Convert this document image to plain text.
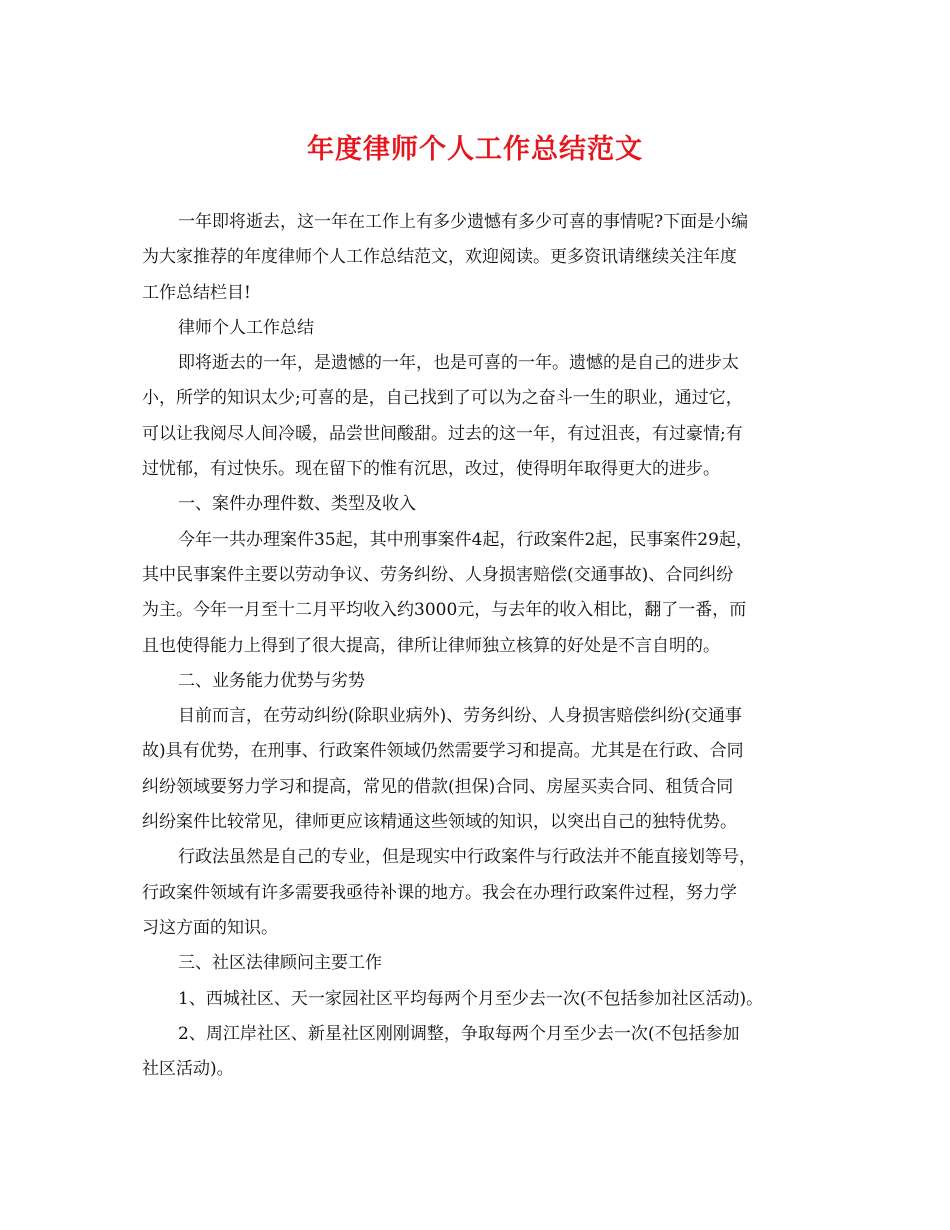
年度律师个人工作总结范文
一年即将逝去，这一年在工作上有多少遗憾有多少可喜的事情呢?下面是小编
为大家推荐的年度律师个人工作总结范文，欢迎阅读。更多资讯请继续关注年度
工作总结栏目!
律师个人工作总结
即将逝去的一年，是遗憾的一年，也是可喜的一年。遗憾的是自己的进步太
小，所学的知识太少;可喜的是，自己找到了可以为之奋斗一生的职业，通过它，
可以让我阅尽人间冷暖，品尝世间酸甜。过去的这一年，有过沮丧，有过豪情;有
过忧郁，有过快乐。现在留下的惟有沉思，改过，使得明年取得更大的进步。
一、案件办理件数、类型及收入
今年一共办理案件35起，其中刑事案件4起，行政案件2起，民事案件29起，
其中民事案件主要以劳动争议、劳务纠纷、人身损害赔偿(交通事故)、合同纠纷
为主。今年一月至十二月平均收入约3000元，与去年的收入相比，翻了一番，而
且也使得能力上得到了很大提高，律所让律师独立核算的好处是不言自明的。
二、业务能力优势与劣势
目前而言，在劳动纠纷(除职业病外)、劳务纠纷、人身损害赔偿纠纷(交通事
故)具有优势，在刑事、行政案件领域仍然需要学习和提高。尤其是在行政、合同
纠纷领域要努力学习和提高，常见的借款(担保)合同、房屋买卖合同、租赁合同
纠纷案件比较常见，律师更应该精通这些领域的知识，以突出自己的独特优势。
行政法虽然是自己的专业，但是现实中行政案件与行政法并不能直接划等号，
行政案件领域有许多需要我亟待补课的地方。我会在办理行政案件过程，努力学
习这方面的知识。
三、社区法律顾问主要工作
1、西城社区、天一家园社区平均每两个月至少去一次(不包括参加社区活动)。
2、周江岸社区、新星社区刚刚调整，争取每两个月至少去一次(不包括参加
社区活动)。
